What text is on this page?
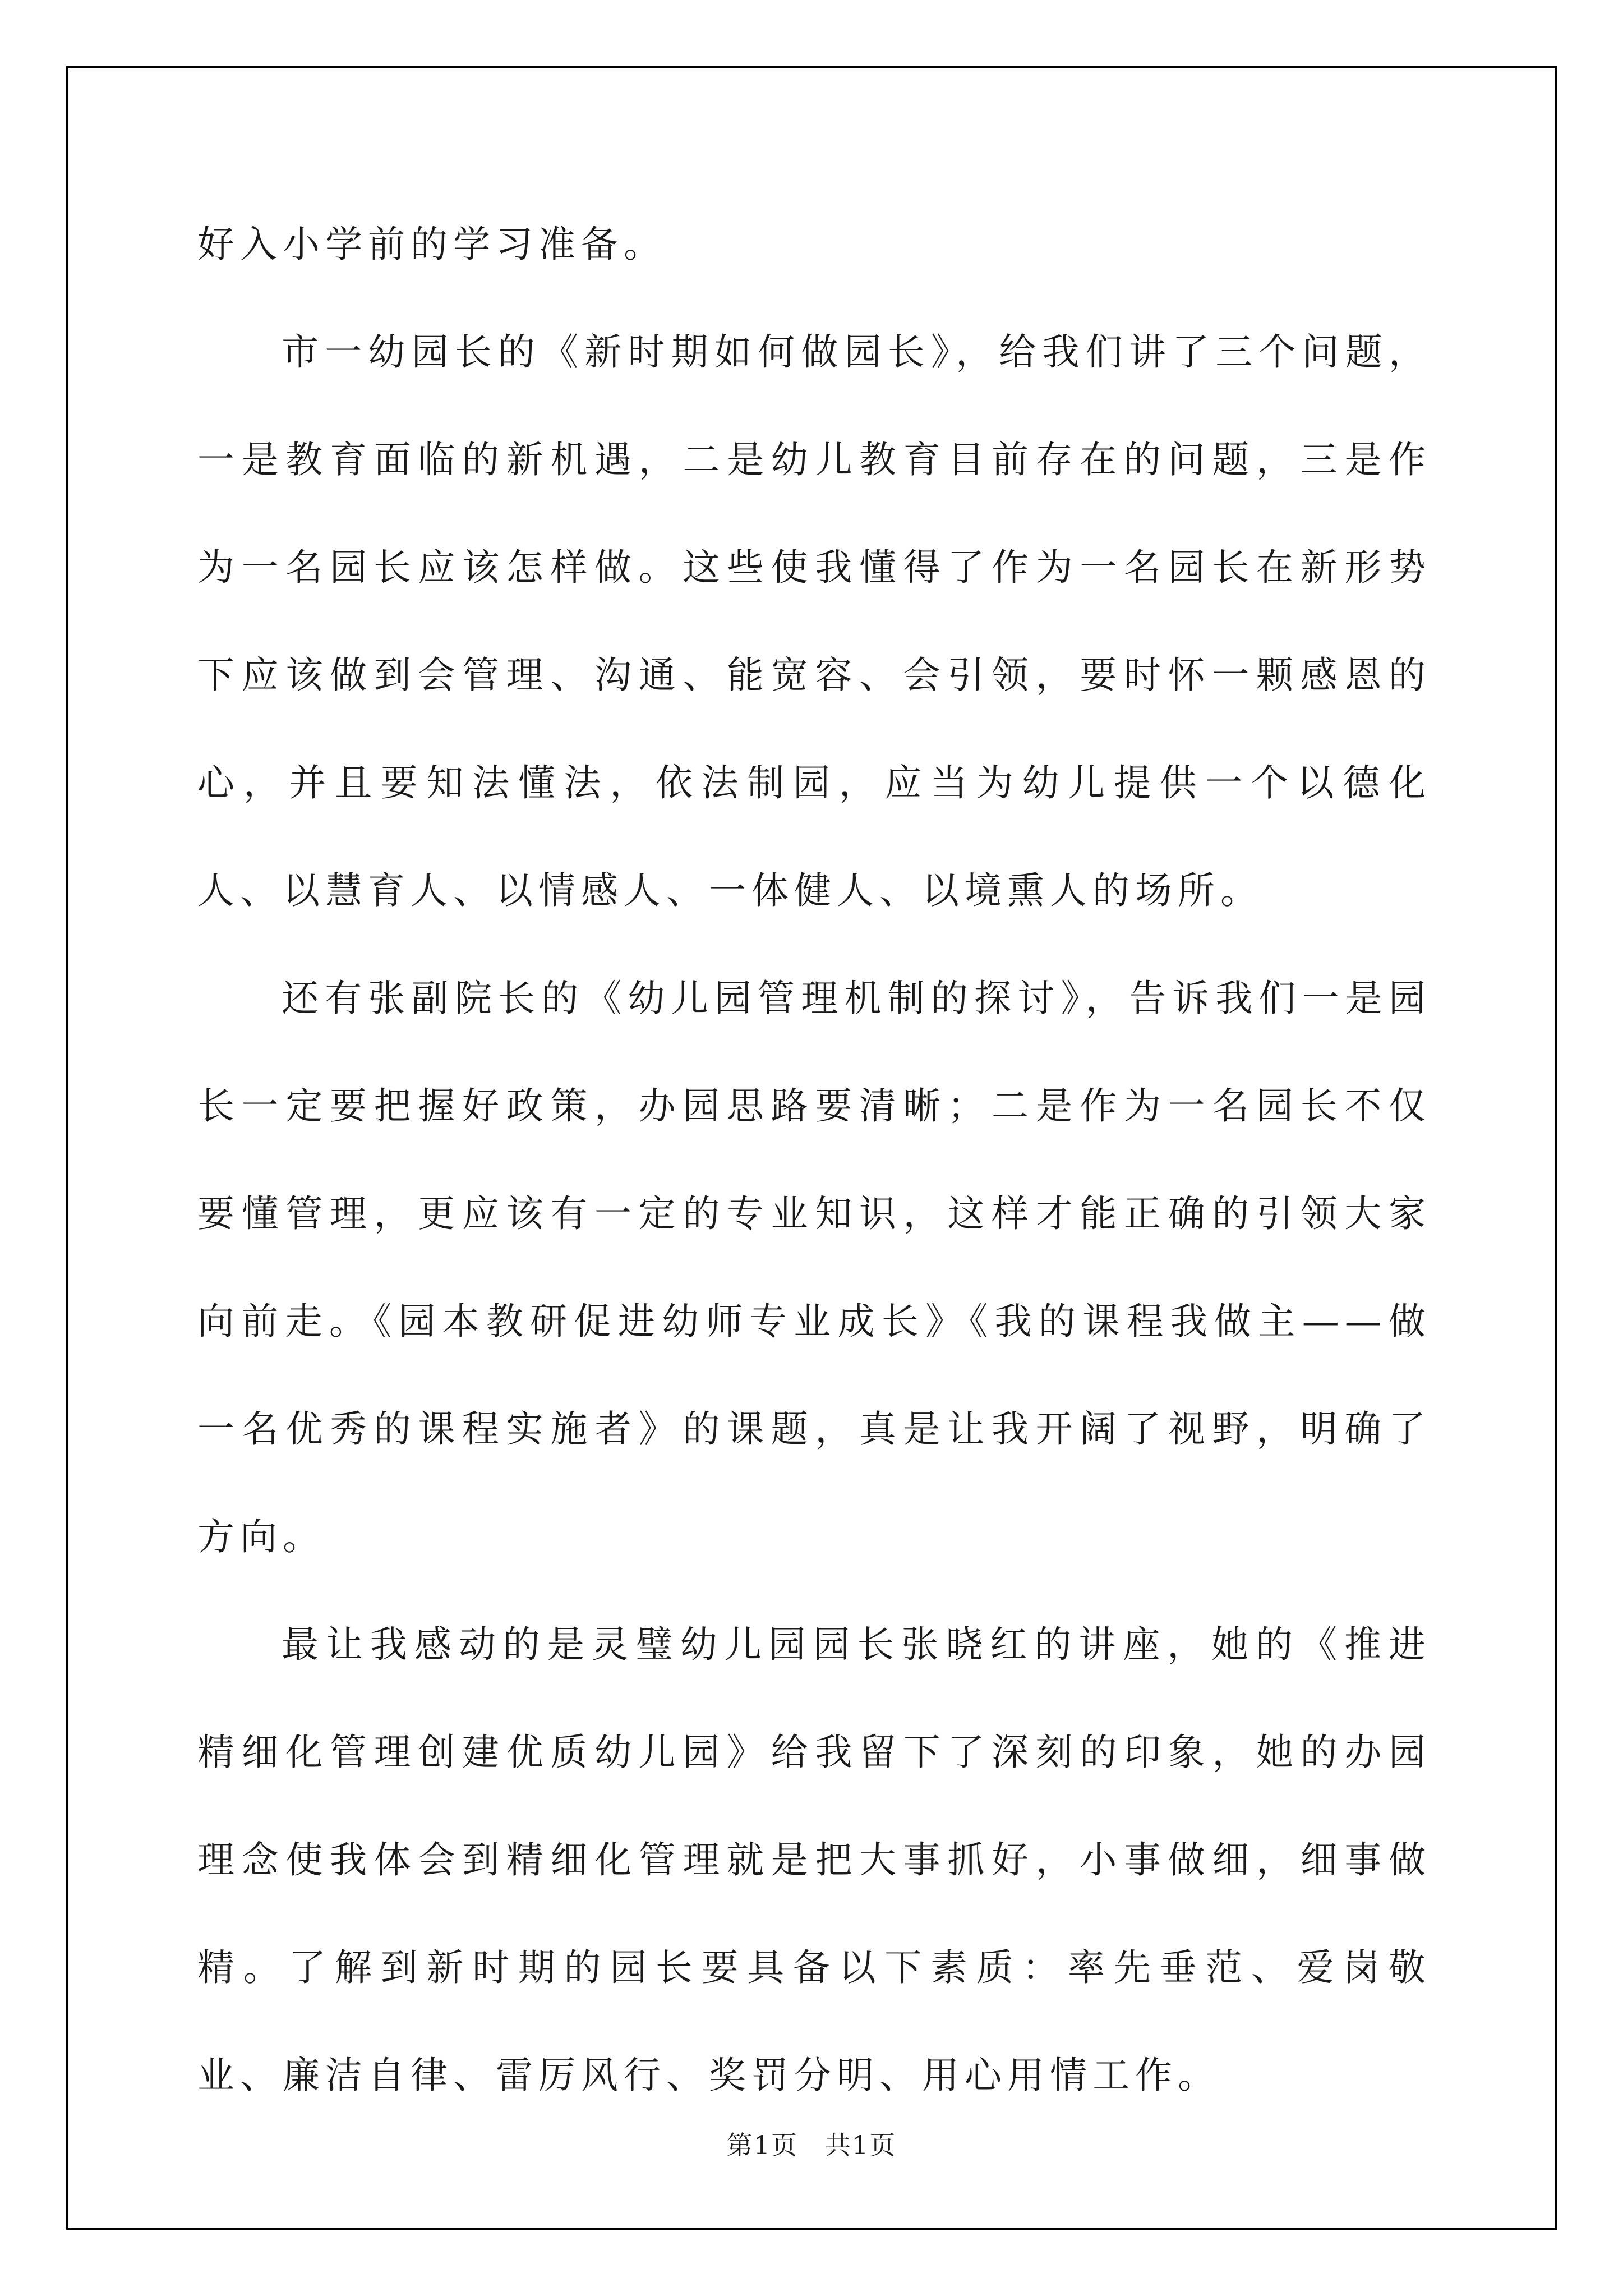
好入小学前的学习准备。

市一幼园长的《新时期如何做园长》，给我们讲了三个问题，一是教育面临的新机遇，二是幼儿教育目前存在的问题，三是作为一名园长应该怎样做。这些使我懂得了作为一名园长在新形势下应该做到会管理、沟通、能宽容、会引领，要时怀一颗感恩的心，并且要知法懂法，依法制园，应当为幼儿提供一个以德化人、以慧育人、以情感人、一体健人、以境熏人的场所。

还有张副院长的《幼儿园管理机制的探讨》，告诉我们一是园长一定要把握好政策，办园思路要清晰；二是作为一名园长不仅要懂管理，更应该有一定的专业知识，这样才能正确的引领大家向前走。《园本教研促进幼师专业成长》《我的课程我做主——做一名优秀的课程实施者》的课题，真是让我开阔了视野，明确了方向。

最让我感动的是灵璧幼儿园园长张晓红的讲座，她的《推进精细化管理创建优质幼儿园》给我留下了深刻的印象，她的办园理念使我体会到精细化管理就是把大事抓好，小事做细，细事做精。了解到新时期的园长要具备以下素质：率先垂范、爱岗敬业、廉洁自律、雷厉风行、奖罚分明、用心用情工作。

第1页　共1页
